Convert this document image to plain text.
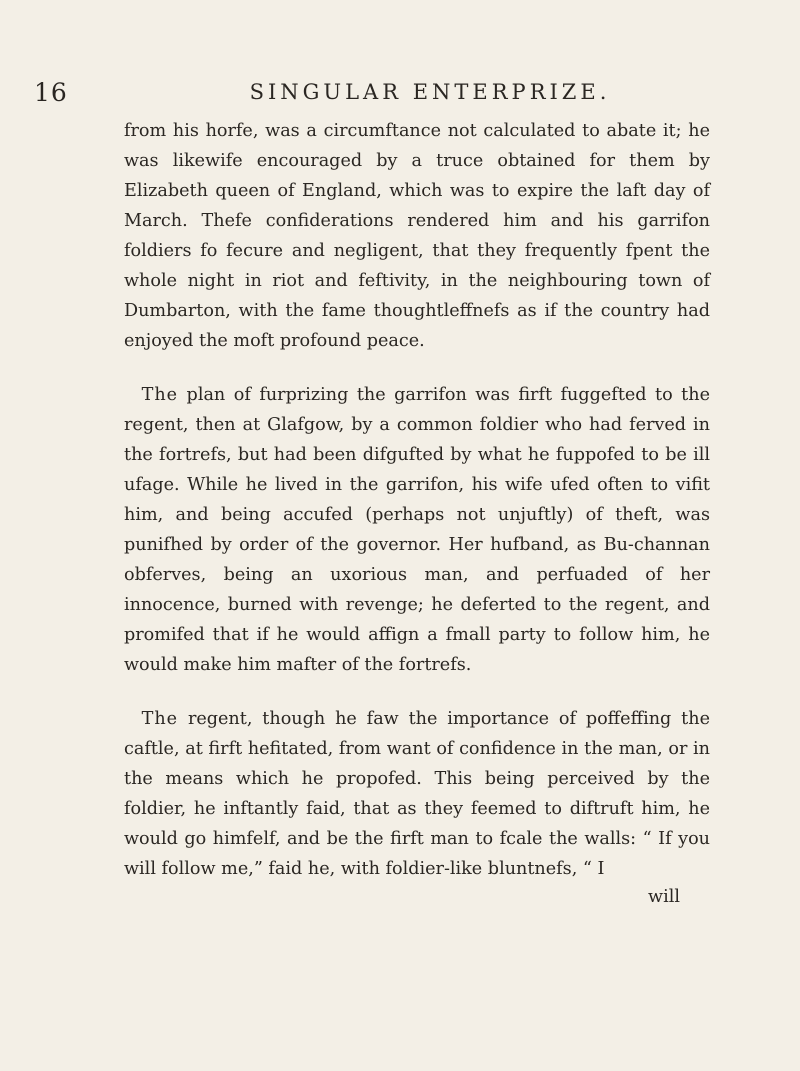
16	SINGULAR ENTERPRIZE.

from his horfe, was a circumftance not calculated to abate it; he was likewife encouraged by a truce obtained for them by Elizabeth queen of England, which was to expire the laft day of March. Thefe confiderations rendered him and his garrifon foldiers fo fecure and negligent, that they frequently fpent the whole night in riot and feftivity, in the neighbouring town of Dumbarton, with the fame thoughtleffnefs as if the country had enjoyed the moft profound peace.

 The plan of furprizing the garrifon was firft fuggefted to the regent, then at Glafgow, by a common foldier who had ferved in the fortrefs, but had been difgufted by what he fuppofed to be ill ufage. While he lived in the garrifon, his wife ufed often to vifit him, and being accufed (perhaps not unjuftly) of theft, was punifhed by order of the governor. Her hufband, as Bu-channan obferves, being an uxorious man, and perfuaded of her innocence, burned with revenge; he deferted to the regent, and promifed that if he would affign a fmall party to follow him, he would make him mafter of the fortrefs.

 The regent, though he faw the importance of poffeffing the caftle, at firft hefitated, from want of confidence in the man, or in the means which he propofed. This being perceived by the foldier, he inftantly faid, that as they feemed to diftruft him, he would go himfelf, and be the firft man to fcale the walls: “ If you will follow me,” faid he, with foldier-like bluntnefs, “ I

will
